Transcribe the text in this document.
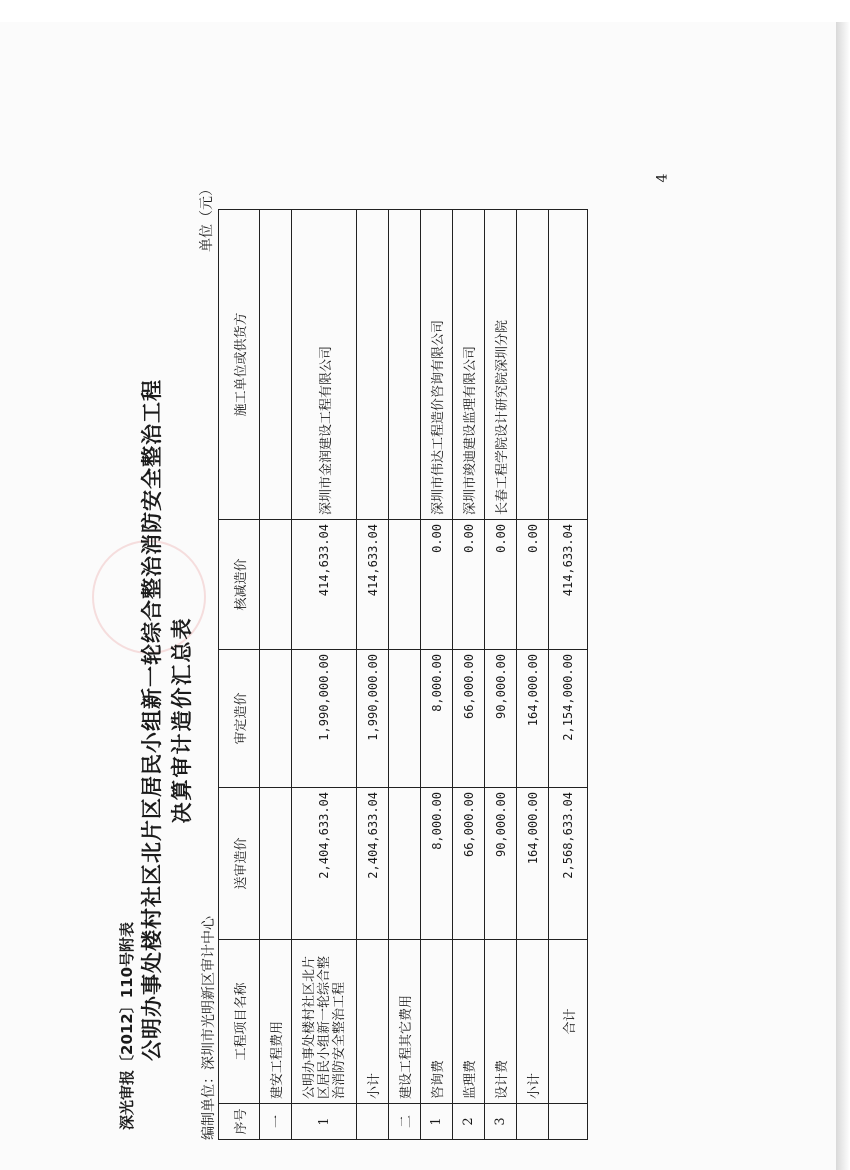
4
深光审报〔2012〕110号附表 公明办事处楼村社区北片区居民小组新一轮综合整治消防安全整治工程 决算审计造价汇总表
编制单位：深圳市光明新区审计中心
单位（元）
序号	工程项目名称	送审造价	审定造价	核减造价	施工单位或供货方
一	建安工程费用				
1	公明办事处楼村社区北片区居民小组新一轮综合整治消防安全整治工程	2,404,633.04	1,990,000.00	414,633.04	深圳市金润建设工程有限公司
	小计	2,404,633.04	1,990,000.00	414,633.04	
二	建设工程其它费用				
1	咨询费	8,000.00	8,000.00	0.00	深圳市伟达工程造价咨询有限公司
2	监理费	66,000.00	66,000.00	0.00	深圳市竣迪建设监理有限公司
3	设计费	90,000.00	90,000.00	0.00	长春工程学院设计研究院深圳分院
	小计	164,000.00	164,000.00	0.00	
	合计	2,568,633.04	2,154,000.00	414,633.04	
